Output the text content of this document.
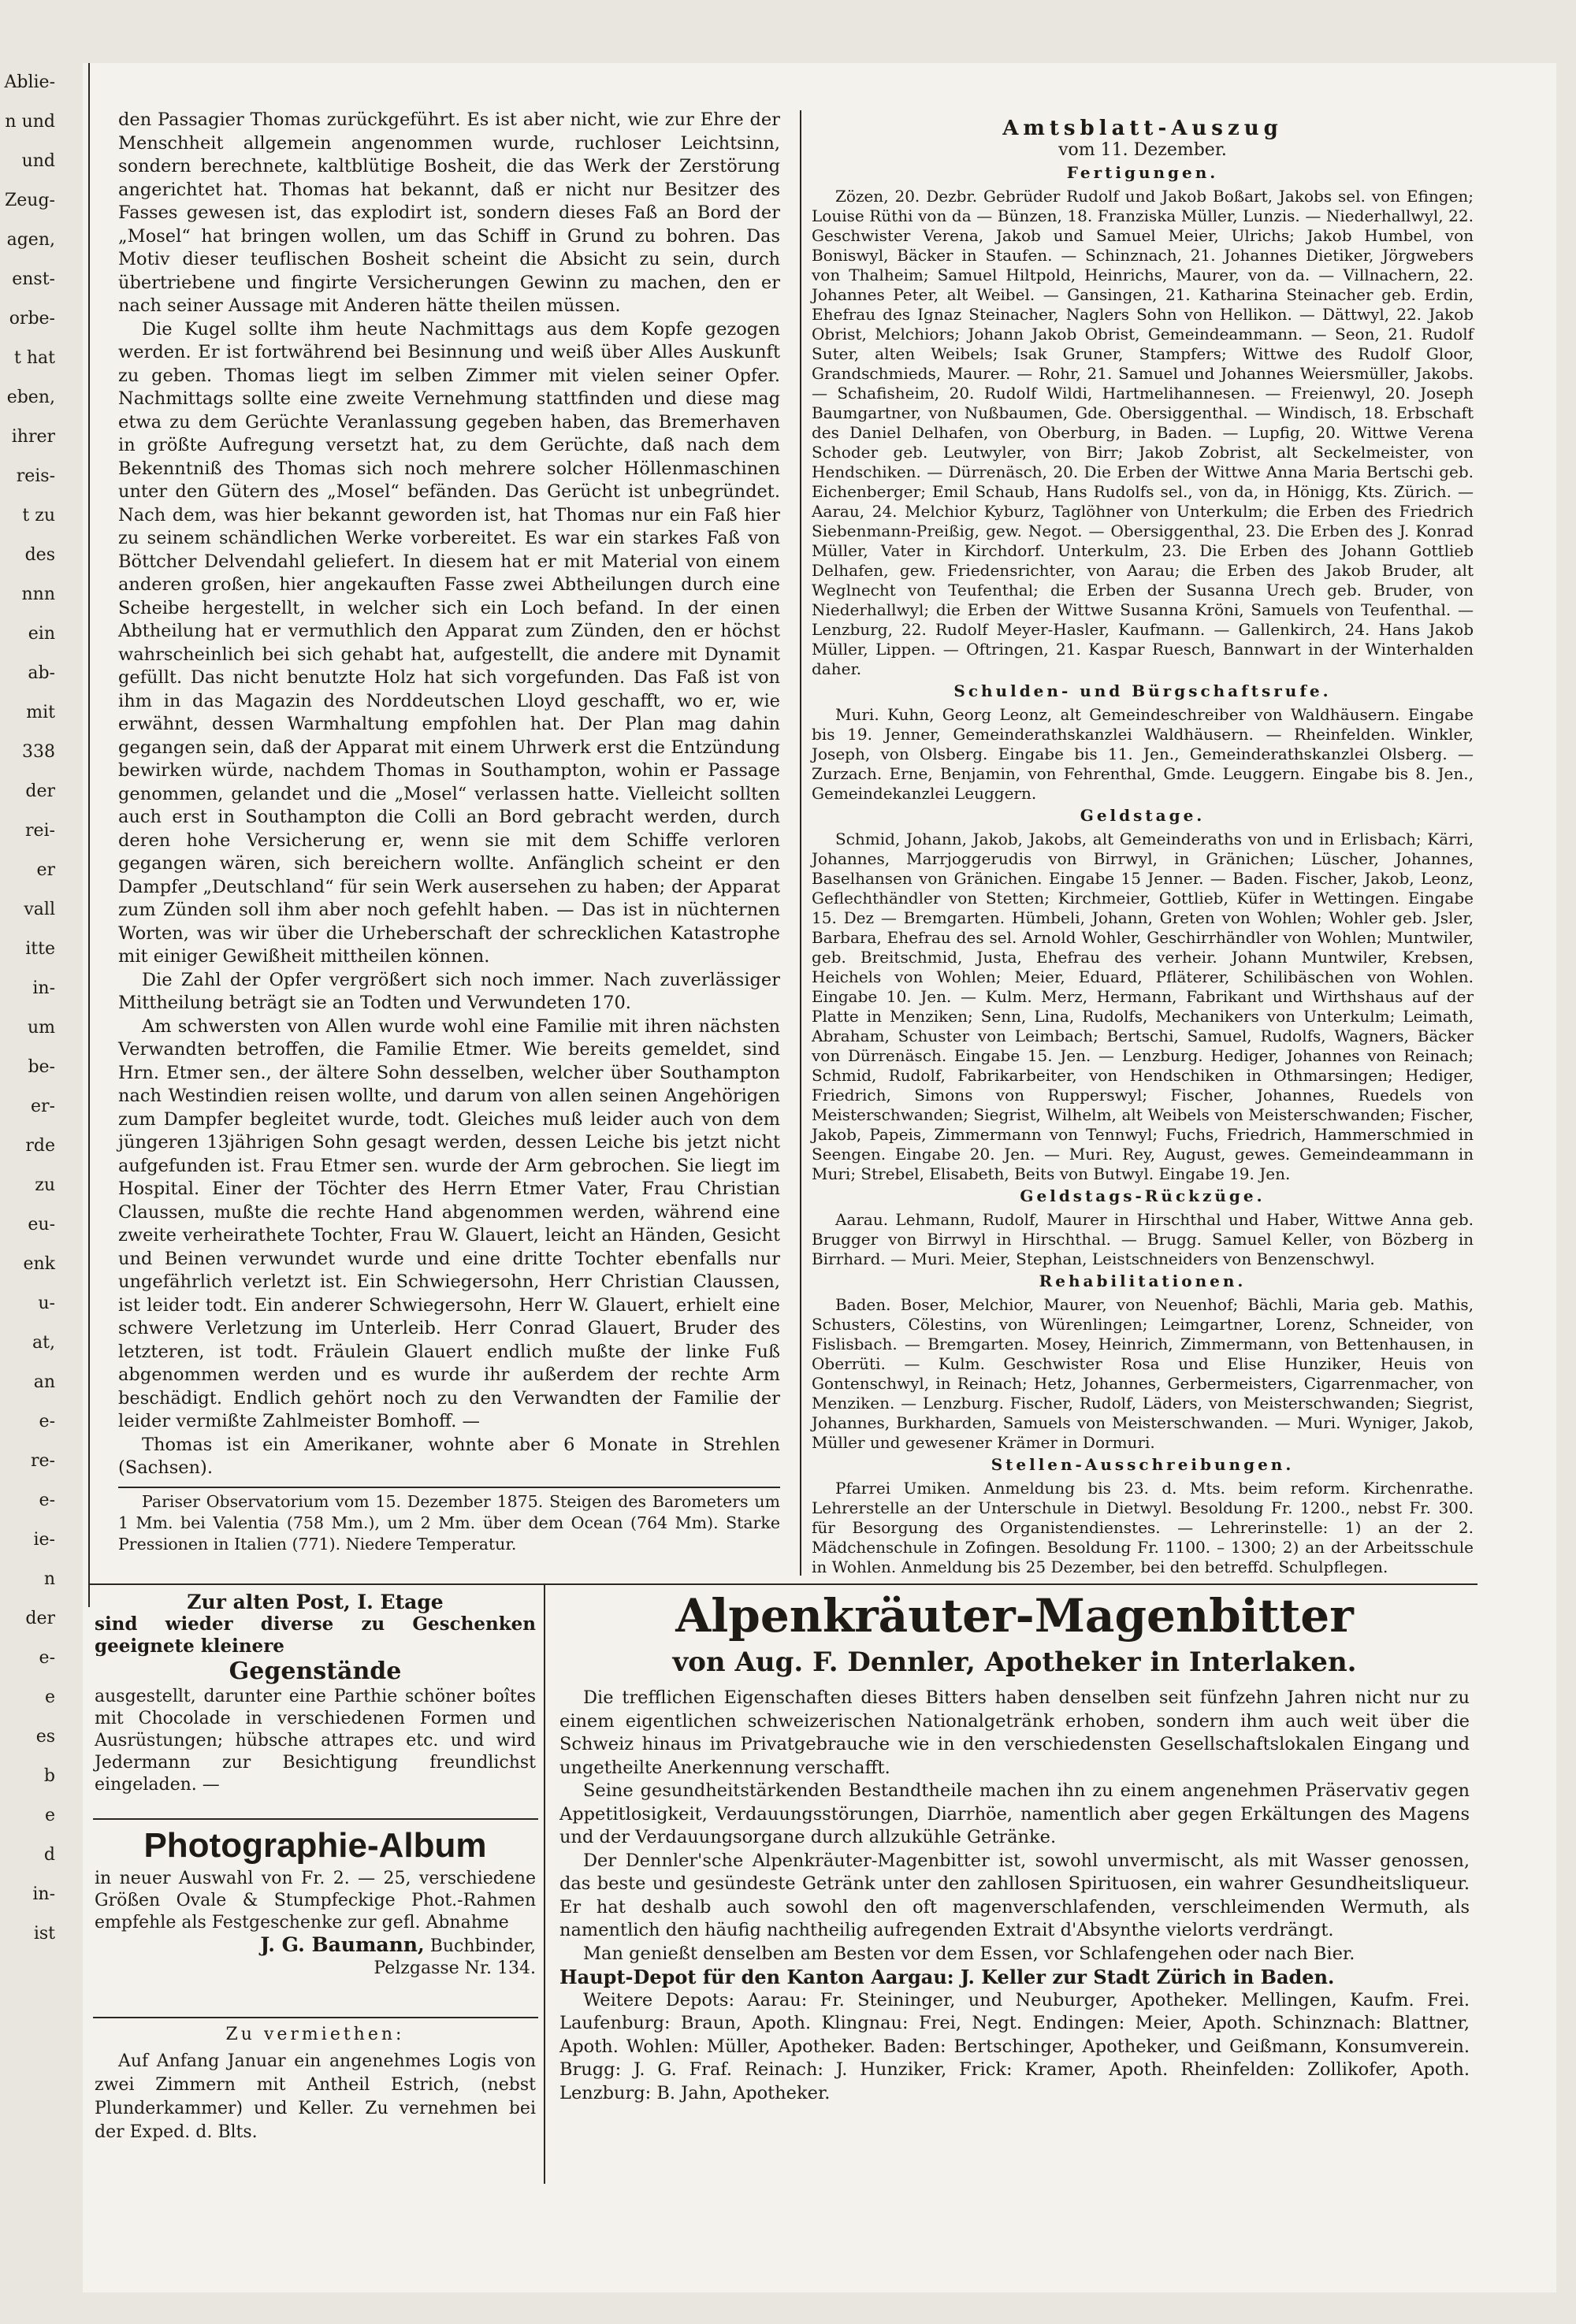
Ablie-
n und
und
Zeug-
agen,
enst-
orbe-
t hat
eben,
ihrer
reis-
t zu
des
nnn
ein
ab-
mit
338
der
rei-
er
vall
itte
in-
um
be-
er-
rde
zu
eu-
enk
u-
at,
an
e-
re-
e-
ie-
n
der
e-
e
es
b
e
d
in-
ist

den Passagier Thomas zurückgeführt. Es ist aber nicht, wie zur Ehre der Menschheit allgemein angenommen wurde, ruchloser Leichtsinn, sondern berechnete, kaltblütige Bosheit, die das Werk der Zerstörung angerichtet hat. Thomas hat bekannt, daß er nicht nur Besitzer des Fasses gewesen ist, das explodirt ist, sondern dieses Faß an Bord der „Mosel“ hat bringen wollen, um das Schiff in Grund zu bohren. Das Motiv dieser teuflischen Bosheit scheint die Absicht zu sein, durch übertriebene und fingirte Versicherungen Gewinn zu machen, den er nach seiner Aussage mit Anderen hätte theilen müssen.

Die Kugel sollte ihm heute Nachmittags aus dem Kopfe gezogen werden. Er ist fortwährend bei Besinnung und weiß über Alles Auskunft zu geben. Thomas liegt im selben Zimmer mit vielen seiner Opfer. Nachmittags sollte eine zweite Vernehmung stattfinden und diese mag etwa zu dem Gerüchte Veranlassung gegeben haben, das Bremerhaven in größte Aufregung versetzt hat, zu dem Gerüchte, daß nach dem Bekenntniß des Thomas sich noch mehrere solcher Höllenmaschinen unter den Gütern des „Mosel“ befänden. Das Gerücht ist unbegründet. Nach dem, was hier bekannt geworden ist, hat Thomas nur ein Faß hier zu seinem schändlichen Werke vorbereitet. Es war ein starkes Faß von Böttcher Delvendahl geliefert. In diesem hat er mit Material von einem anderen großen, hier angekauften Fasse zwei Abtheilungen durch eine Scheibe hergestellt, in welcher sich ein Loch befand. In der einen Abtheilung hat er vermuthlich den Apparat zum Zünden, den er höchst wahrscheinlich bei sich gehabt hat, aufgestellt, die andere mit Dynamit gefüllt. Das nicht benutzte Holz hat sich vorgefunden. Das Faß ist von ihm in das Magazin des Norddeutschen Lloyd geschafft, wo er, wie erwähnt, dessen Warmhaltung empfohlen hat. Der Plan mag dahin gegangen sein, daß der Apparat mit einem Uhrwerk erst die Entzündung bewirken würde, nachdem Thomas in Southampton, wohin er Passage genommen, gelandet und die „Mosel“ verlassen hatte. Vielleicht sollten auch erst in Southampton die Colli an Bord gebracht werden, durch deren hohe Versicherung er, wenn sie mit dem Schiffe verloren gegangen wären, sich bereichern wollte. Anfänglich scheint er den Dampfer „Deutschland“ für sein Werk ausersehen zu haben; der Apparat zum Zünden soll ihm aber noch gefehlt haben. — Das ist in nüchternen Worten, was wir über die Urheberschaft der schrecklichen Katastrophe mit einiger Gewißheit mittheilen können.

Die Zahl der Opfer vergrößert sich noch immer. Nach zuverlässiger Mittheilung beträgt sie an Todten und Verwundeten 170.

Am schwersten von Allen wurde wohl eine Familie mit ihren nächsten Verwandten betroffen, die Familie Etmer. Wie bereits gemeldet, sind Hrn. Etmer sen., der ältere Sohn desselben, welcher über Southampton nach Westindien reisen wollte, und darum von allen seinen Angehörigen zum Dampfer begleitet wurde, todt. Gleiches muß leider auch von dem jüngeren 13jährigen Sohn gesagt werden, dessen Leiche bis jetzt nicht aufgefunden ist. Frau Etmer sen. wurde der Arm gebrochen. Sie liegt im Hospital. Einer der Töchter des Herrn Etmer Vater, Frau Christian Claussen, mußte die rechte Hand abgenommen werden, während eine zweite verheirathete Tochter, Frau W. Glauert, leicht an Händen, Gesicht und Beinen verwundet wurde und eine dritte Tochter ebenfalls nur ungefährlich verletzt ist. Ein Schwiegersohn, Herr Christian Claussen, ist leider todt. Ein anderer Schwiegersohn, Herr W. Glauert, erhielt eine schwere Verletzung im Unterleib. Herr Conrad Glauert, Bruder des letzteren, ist todt. Fräulein Glauert endlich mußte der linke Fuß abgenommen werden und es wurde ihr außerdem der rechte Arm beschädigt. Endlich gehört noch zu den Verwandten der Familie der leider vermißte Zahlmeister Bomhoff. —

Thomas ist ein Amerikaner, wohnte aber 6 Monate in Strehlen (Sachsen).

Pariser Observatorium vom 15. Dezember 1875. Steigen des Barometers um 1 Mm. bei Valentia (758 Mm.), um 2 Mm. über dem Ocean (764 Mm). Starke Pressionen in Italien (771). Niedere Temperatur.
Amtsblatt-Auszug
vom 11. Dezember.
Fertigungen.
Zözen, 20. Dezbr. Gebrüder Rudolf und Jakob Boßart, Jakobs sel. von Efingen; Louise Rüthi von da — Bünzen, 18. Franziska Müller, Lunzis. — Niederhallwyl, 22. Geschwister Verena, Jakob und Samuel Meier, Ulrichs; Jakob Humbel, von Boniswyl, Bäcker in Staufen. — Schinznach, 21. Johannes Dietiker, Jörgwebers von Thalheim; Samuel Hiltpold, Heinrichs, Maurer, von da. — Villnachern, 22. Johannes Peter, alt Weibel. — Gansingen, 21. Katharina Steinacher geb. Erdin, Ehefrau des Ignaz Steinacher, Naglers Sohn von Hellikon. — Dättwyl, 22. Jakob Obrist, Melchiors; Johann Jakob Obrist, Gemeindeammann. — Seon, 21. Rudolf Suter, alten Weibels; Isak Gruner, Stampfers; Wittwe des Rudolf Gloor, Grandschmieds, Maurer. — Rohr, 21. Samuel und Johannes Weiersmüller, Jakobs. — Schafisheim, 20. Rudolf Wildi, Hartmelihannesen. — Freienwyl, 20. Joseph Baumgartner, von Nußbaumen, Gde. Obersiggenthal. — Windisch, 18. Erbschaft des Daniel Delhafen, von Oberburg, in Baden. — Lupfig, 20. Wittwe Verena Schoder geb. Leutwyler, von Birr; Jakob Zobrist, alt Seckelmeister, von Hendschiken. — Dürrenäsch, 20. Die Erben der Wittwe Anna Maria Bertschi geb. Eichenberger; Emil Schaub, Hans Rudolfs sel., von da, in Hönigg, Kts. Zürich. — Aarau, 24. Melchior Kyburz, Taglöhner von Unterkulm; die Erben des Friedrich Siebenmann-Preißig, gew. Negot. — Obersiggenthal, 23. Die Erben des J. Konrad Müller, Vater in Kirchdorf. Unterkulm, 23. Die Erben des Johann Gottlieb Delhafen, gew. Friedensrichter, von Aarau; die Erben des Jakob Bruder, alt Weglnecht von Teufenthal; die Erben der Susanna Urech geb. Bruder, von Niederhallwyl; die Erben der Wittwe Susanna Kröni, Samuels von Teufenthal. — Lenzburg, 22. Rudolf Meyer-Hasler, Kaufmann. — Gallenkirch, 24. Hans Jakob Müller, Lippen. — Oftringen, 21. Kaspar Ruesch, Bannwart in der Winterhalden daher.
Schulden- und Bürgschaftsrufe.
Muri. Kuhn, Georg Leonz, alt Gemeindeschreiber von Waldhäusern. Eingabe bis 19. Jenner, Gemeinderathskanzlei Waldhäusern. — Rheinfelden. Winkler, Joseph, von Olsberg. Eingabe bis 11. Jen., Gemeinderathskanzlei Olsberg. — Zurzach. Erne, Benjamin, von Fehrenthal, Gmde. Leuggern. Eingabe bis 8. Jen., Gemeindekanzlei Leuggern.
Geldstage.
Schmid, Johann, Jakob, Jakobs, alt Gemeinderaths von und in Erlisbach; Kärri, Johannes, Marrjoggerudis von Birrwyl, in Gränichen; Lüscher, Johannes, Baselhansen von Gränichen. Eingabe 15 Jenner. — Baden. Fischer, Jakob, Leonz, Geflechthändler von Stetten; Kirchmeier, Gottlieb, Küfer in Wettingen. Eingabe 15. Dez — Bremgarten. Hümbeli, Johann, Greten von Wohlen; Wohler geb. Jsler, Barbara, Ehefrau des sel. Arnold Wohler, Geschirrhändler von Wohlen; Muntwiler, geb. Breitschmid, Justa, Ehefrau des verheir. Johann Muntwiler, Krebsen, Heichels von Wohlen; Meier, Eduard, Pfläterer, Schilibäschen von Wohlen. Eingabe 10. Jen. — Kulm. Merz, Hermann, Fabrikant und Wirthshaus auf der Platte in Menziken; Senn, Lina, Rudolfs, Mechanikers von Unterkulm; Leimath, Abraham, Schuster von Leimbach; Bertschi, Samuel, Rudolfs, Wagners, Bäcker von Dürrenäsch. Eingabe 15. Jen. — Lenzburg. Hediger, Johannes von Reinach; Schmid, Rudolf, Fabrikarbeiter, von Hendschiken in Othmarsingen; Hediger, Friedrich, Simons von Rupperswyl; Fischer, Johannes, Ruedels von Meisterschwanden; Siegrist, Wilhelm, alt Weibels von Meisterschwanden; Fischer, Jakob, Papeis, Zimmermann von Tennwyl; Fuchs, Friedrich, Hammerschmied in Seengen. Eingabe 20. Jen. — Muri. Rey, August, gewes. Gemeindeammann in Muri; Strebel, Elisabeth, Beits von Butwyl. Eingabe 19. Jen.
Geldstags-Rückzüge.
Aarau. Lehmann, Rudolf, Maurer in Hirschthal und Haber, Wittwe Anna geb. Brugger von Birrwyl in Hirschthal. — Brugg. Samuel Keller, von Bözberg in Birrhard. — Muri. Meier, Stephan, Leistschneiders von Benzenschwyl.
Rehabilitationen.
Baden. Boser, Melchior, Maurer, von Neuenhof; Bächli, Maria geb. Mathis, Schusters, Cölestins, von Würenlingen; Leimgartner, Lorenz, Schneider, von Fislisbach. — Bremgarten. Mosey, Heinrich, Zimmermann, von Bettenhausen, in Oberrüti. — Kulm. Geschwister Rosa und Elise Hunziker, Heuis von Gontenschwyl, in Reinach; Hetz, Johannes, Gerbermeisters, Cigarrenmacher, von Menziken. — Lenzburg. Fischer, Rudolf, Läders, von Meisterschwanden; Siegrist, Johannes, Burkharden, Samuels von Meisterschwanden. — Muri. Wyniger, Jakob, Müller und gewesener Krämer in Dormuri.
Stellen-Ausschreibungen.
Pfarrei Umiken. Anmeldung bis 23. d. Mts. beim reform. Kirchenrathe. Lehrerstelle an der Unterschule in Dietwyl. Besoldung Fr. 1200., nebst Fr. 300. für Besorgung des Organistendienstes. — Lehrerinstelle: 1) an der 2. Mädchenschule in Zofingen. Besoldung Fr. 1100. – 1300; 2) an der Arbeitsschule in Wohlen. Anmeldung bis 25 Dezember, bei den betreffd. Schulpflegen.
Zur alten Post, I. Etage
sind wieder diverse zu Geschenken geeignete kleinere
Gegenstände
ausgestellt, darunter eine Parthie schöner boîtes mit Chocolade in verschiedenen Formen und Ausrüstungen; hübsche attrapes etc. und wird Jedermann zur Besichtigung freundlichst eingeladen. —
Photographie-Album
in neuer Auswahl von Fr. 2. — 25, verschiedene Größen Ovale & Stumpfeckige Phot.-Rahmen empfehle als Festgeschenke zur gefl. Abnahme
J. G. Baumann, Buchbinder,
Pelzgasse Nr. 134.
Zu vermiethen:
Auf Anfang Januar ein angenehmes Logis von zwei Zimmern mit Antheil Estrich, (nebst Plunderkammer) und Keller. Zu vernehmen bei der Exped. d. Blts.
Alpenkräuter-Magenbitter
von Aug. F. Dennler, Apotheker in Interlaken.

Die trefflichen Eigenschaften dieses Bitters haben denselben seit fünfzehn Jahren nicht nur zu einem eigentlichen schweizerischen Nationalgetränk erhoben, sondern ihm auch weit über die Schweiz hinaus im Privatgebrauche wie in den verschiedensten Gesellschaftslokalen Eingang und ungetheilte Anerkennung verschafft.

Seine gesundheitstärkenden Bestandtheile machen ihn zu einem angenehmen Präservativ gegen Appetitlosigkeit, Verdauungsstörungen, Diarrhöe, namentlich aber gegen Erkältungen des Magens und der Verdauungsorgane durch allzukühle Getränke.

Der Dennler'sche Alpenkräuter-Magenbitter ist, sowohl unvermischt, als mit Wasser genossen, das beste und gesündeste Getränk unter den zahllosen Spirituosen, ein wahrer Gesundheitsliqueur. Er hat deshalb auch sowohl den oft magenverschlafenden, verschleimenden Wermuth, als namentlich den häufig nachtheilig aufregenden Extrait d'Absynthe vielorts verdrängt.

Man genießt denselben am Besten vor dem Essen, vor Schlafengehen oder nach Bier.

Haupt-Depot für den Kanton Aargau: J. Keller zur Stadt Zürich in Baden.
Weitere Depots: Aarau: Fr. Steininger, und Neuburger, Apotheker. Mellingen, Kaufm. Frei. Laufenburg: Braun, Apoth. Klingnau: Frei, Negt. Endingen: Meier, Apoth. Schinznach: Blattner, Apoth. Wohlen: Müller, Apotheker. Baden: Bertschinger, Apotheker, und Geißmann, Konsumverein. Brugg: J. G. Fraf. Reinach: J. Hunziker, Frick: Kramer, Apoth. Rheinfelden: Zollikofer, Apoth. Lenzburg: B. Jahn, Apotheker.
